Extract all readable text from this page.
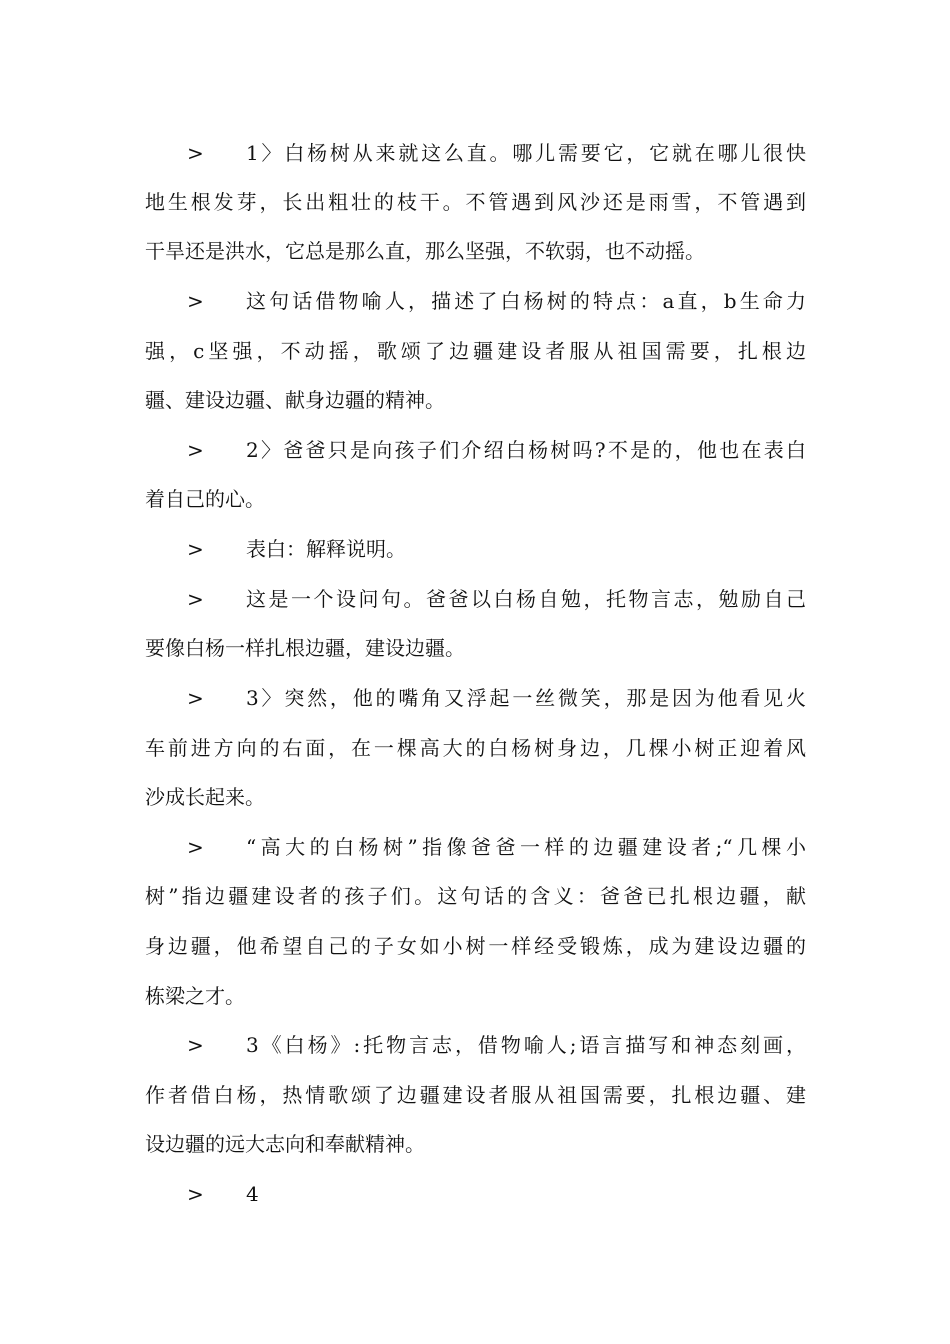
>

1〉白杨树从来就这么直。哪儿需要它，它就在哪儿很快

地生根发芽，长出粗壮的枝干。不管遇到风沙还是雨雪，不管遇到

干旱还是洪水，它总是那么直，那么坚强，不软弱，也不动摇。

>

这句话借物喻人，描述了白杨树的特点：a直，b生命力

强，c坚强，不动摇，歌颂了边疆建设者服从祖国需要，扎根边

疆、建设边疆、献身边疆的精神。

>

2〉爸爸只是向孩子们介绍白杨树吗?不是的，他也在表白

着自己的心。

>

表白：解释说明。

>

这是一个设问句。爸爸以白杨自勉，托物言志，勉励自己

要像白杨一样扎根边疆，建设边疆。

>

3〉突然，他的嘴角又浮起一丝微笑，那是因为他看见火

车前进方向的右面，在一棵高大的白杨树身边，几棵小树正迎着风

沙成长起来。

>

“高大的白杨树”指像爸爸一样的边疆建设者;“几棵小

树”指边疆建设者的孩子们。这句话的含义：爸爸已扎根边疆，献

身边疆，他希望自己的子女如小树一样经受锻炼，成为建设边疆的

栋梁之才。

>

3《白杨》:托物言志，借物喻人;语言描写和神态刻画，

作者借白杨，热情歌颂了边疆建设者服从祖国需要，扎根边疆、建

设边疆的远大志向和奉献精神。

>

4
